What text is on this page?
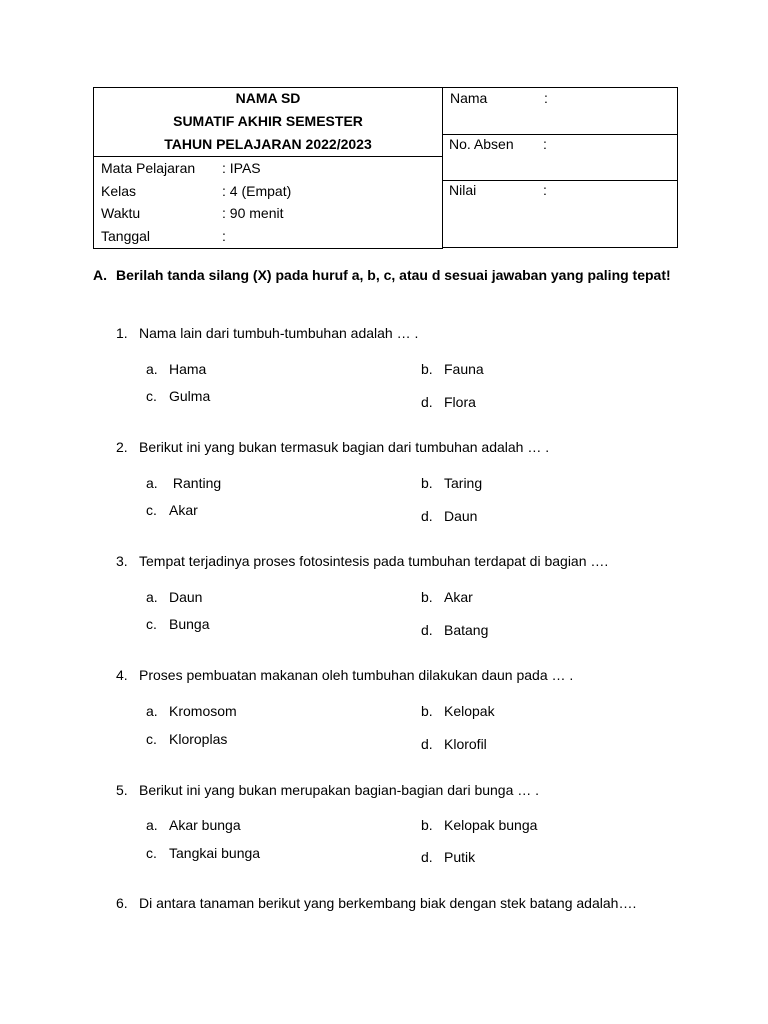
NAMA SD
SUMATIF AKHIR SEMESTER
TAHUN PELAJARAN 2022/2023
Mata Pelajaran : IPAS
Kelas	: 4 (Empat)
Waktu	: 90 menit
Tanggal	:

Nama	:

No. Absen :
Nilai	:
A. Berilah tanda silang (X) pada huruf a, b, c, atau d sesuai jawaban yang paling tepat!
1. Nama lain dari tumbuh-tumbuhan adalah … .
a. Hama	b. Fauna
c. Gulma	d. Flora
2. Berikut ini yang bukan termasuk bagian dari tumbuhan adalah … .
a. Ranting	b. Taring
c. Akar	d. Daun
3. Tempat terjadinya proses fotosintesis pada tumbuhan terdapat di bagian ….
a. Daun	b. Akar
c. Bunga	d. Batang
4. Proses pembuatan makanan oleh tumbuhan dilakukan daun pada … .
a. Kromosom	b. Kelopak
c. Kloroplas	d. Klorofil
5. Berikut ini yang bukan merupakan bagian-bagian dari bunga … .
a. Akar bunga	b. Kelopak bunga
c. Tangkai bunga	d. Putik
6. Di antara tanaman berikut yang berkembang biak dengan stek batang adalah….
